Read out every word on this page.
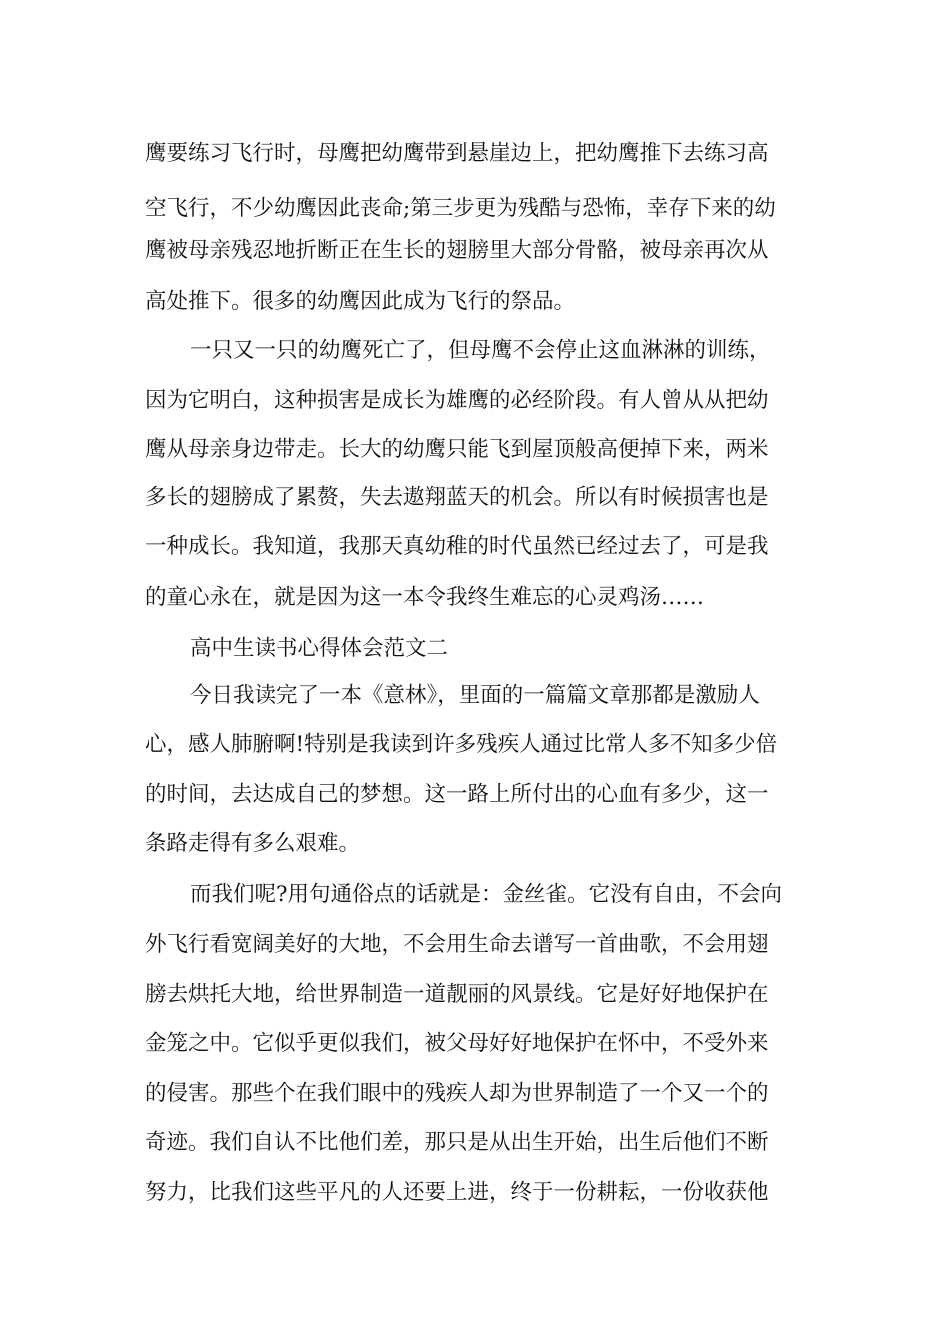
鹰要练习飞行时，母鹰把幼鹰带到悬崖边上，把幼鹰推下去练习高

空飞行，不少幼鹰因此丧命;第三步更为残酷与恐怖，幸存下来的幼

鹰被母亲残忍地折断正在生长的翅膀里大部分骨骼，被母亲再次从

高处推下。很多的幼鹰因此成为飞行的祭品。

一只又一只的幼鹰死亡了，但母鹰不会停止这血淋淋的训练，

因为它明白，这种损害是成长为雄鹰的必经阶段。有人曾从从把幼

鹰从母亲身边带走。长大的幼鹰只能飞到屋顶般高便掉下来，两米

多长的翅膀成了累赘，失去遨翔蓝天的机会。所以有时候损害也是

一种成长。我知道，我那天真幼稚的时代虽然已经过去了，可是我

的童心永在，就是因为这一本令我终生难忘的心灵鸡汤……

高中生读书心得体会范文二

今日我读完了一本《意林》，里面的一篇篇文章那都是激励人

心，感人肺腑啊!特别是我读到许多残疾人通过比常人多不知多少倍

的时间，去达成自己的梦想。这一路上所付出的心血有多少，这一

条路走得有多么艰难。

而我们呢?用句通俗点的话就是：金丝雀。它没有自由，不会向

外飞行看宽阔美好的大地，不会用生命去谱写一首曲歌，不会用翅

膀去烘托大地，给世界制造一道靓丽的风景线。它是好好地保护在

金笼之中。它似乎更似我们，被父母好好地保护在怀中，不受外来

的侵害。那些个在我们眼中的残疾人却为世界制造了一个又一个的

奇迹。我们自认不比他们差，那只是从出生开始，出生后他们不断

努力，比我们这些平凡的人还要上进，终于一份耕耘，一份收获他
